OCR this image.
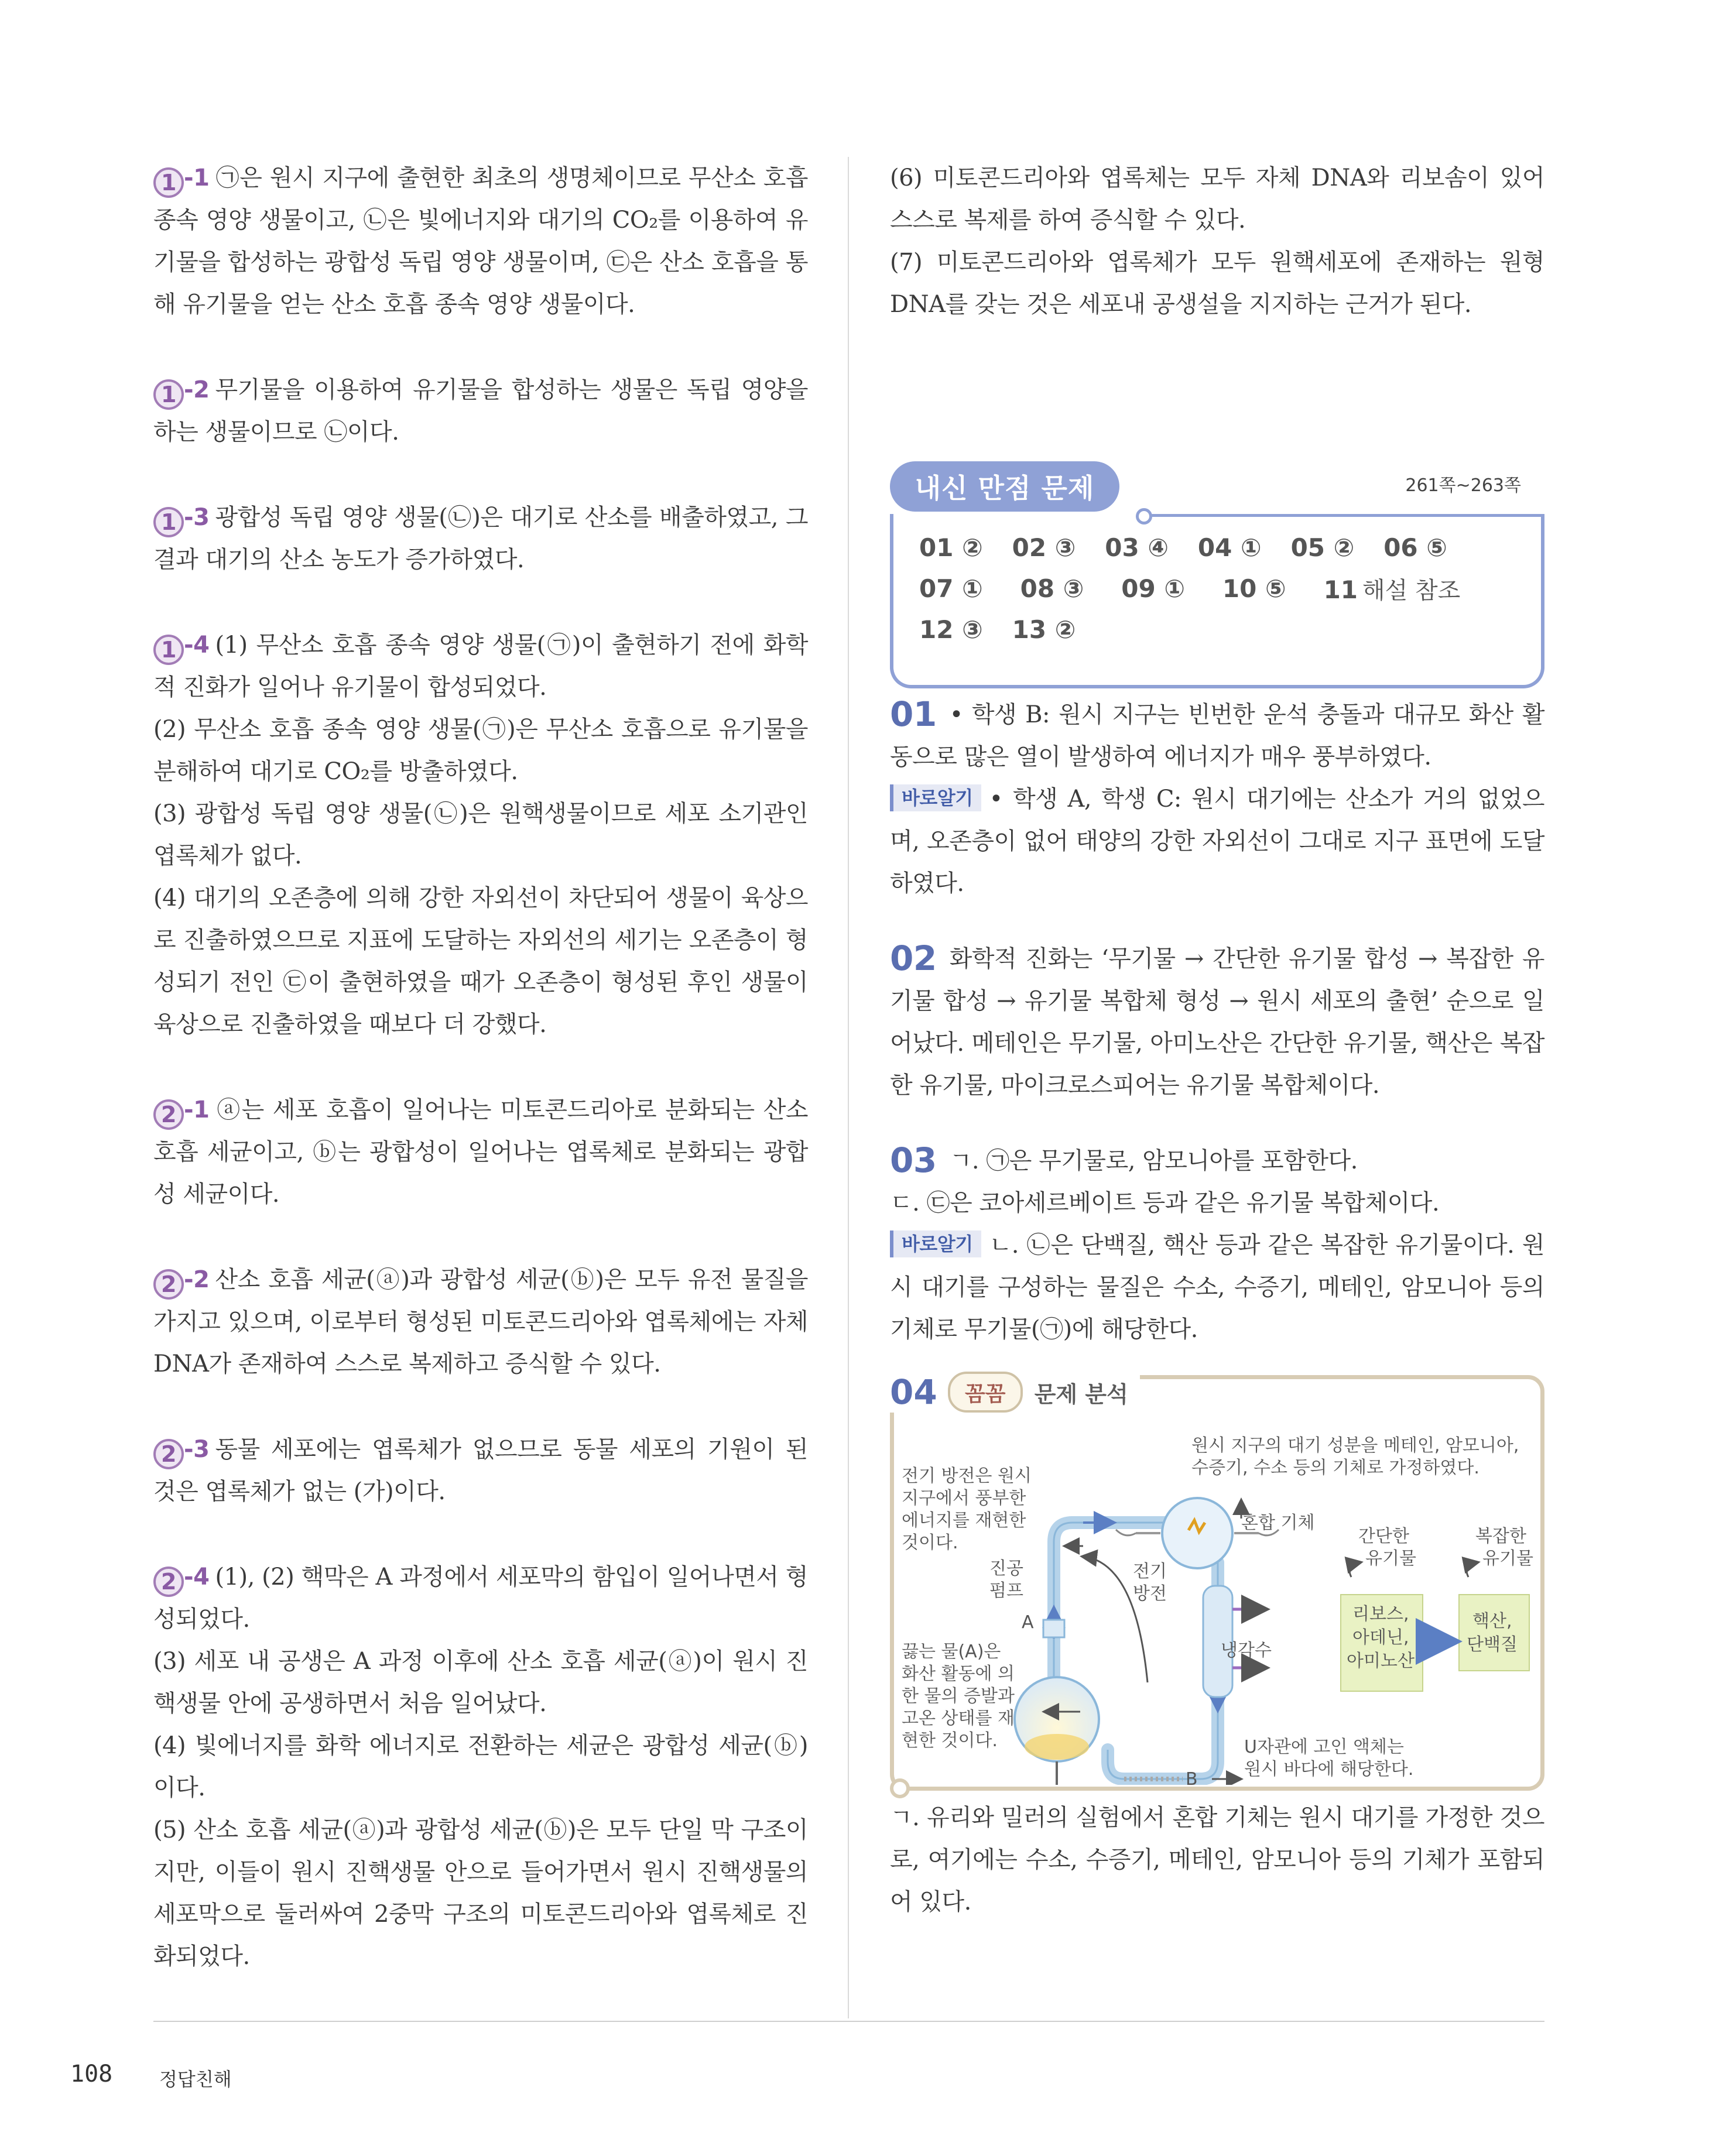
1 -1 ㉠은 원시 지구에 출현한 최초의 생명체이므로 무산소 호흡 종속 영양 생물이고, ㉡은 빛에너지와 대기의 CO₂를 이용하여 유기물을 합성하는 광합성 독립 영양 생물이며, ㉢은 산소 호흡을 통해 유기물을 얻는 산소 호흡 종속 영양 생물이다.

1 -2 무기물을 이용하여 유기물을 합성하는 생물은 독립 영양을 하는 생물이므로 ㉡이다.

1 -3 광합성 독립 영양 생물(㉡)은 대기로 산소를 배출하였고, 그 결과 대기의 산소 농도가 증가하였다.

1 -4 (1) 무산소 호흡 종속 영양 생물(㉠)이 출현하기 전에 화학적 진화가 일어나 유기물이 합성되었다.

(2) 무산소 호흡 종속 영양 생물(㉠)은 무산소 호흡으로 유기물을 분해하여 대기로 CO₂를 방출하였다.

(3) 광합성 독립 영양 생물(㉡)은 원핵생물이므로 세포 소기관인 엽록체가 없다.

(4) 대기의 오존층에 의해 강한 자외선이 차단되어 생물이 육상으로 진출하였으므로 지표에 도달하는 자외선의 세기는 오존층이 형성되기 전인 ㉢이 출현하였을 때가 오존층이 형성된 후인 생물이 육상으로 진출하였을 때보다 더 강했다.

2 -1 ⓐ는 세포 호흡이 일어나는 미토콘드리아로 분화되는 산소 호흡 세균이고, ⓑ는 광합성이 일어나는 엽록체로 분화되는 광합성 세균이다.

2 -2 산소 호흡 세균(ⓐ)과 광합성 세균(ⓑ)은 모두 유전 물질을 가지고 있으며, 이로부터 형성된 미토콘드리아와 엽록체에는 자체 DNA가 존재하여 스스로 복제하고 증식할 수 있다.

2 -3 동물 세포에는 엽록체가 없으므로 동물 세포의 기원이 된 것은 엽록체가 없는 (가)이다.

2 -4 (1), (2) 핵막은 A 과정에서 세포막의 함입이 일어나면서 형성되었다.

(3) 세포 내 공생은 A 과정 이후에 산소 호흡 세균(ⓐ)이 원시 진핵생물 안에 공생하면서 처음 일어났다.

(4) 빛에너지를 화학 에너지로 전환하는 세균은 광합성 세균(ⓑ)이다.

(5) 산소 호흡 세균(ⓐ)과 광합성 세균(ⓑ)은 모두 단일 막 구조이지만, 이들이 원시 진핵생물 안으로 들어가면서 원시 진핵생물의 세포막으로 둘러싸여 2중막 구조의 미토콘드리아와 엽록체로 진화되었다.

(6) 미토콘드리아와 엽록체는 모두 자체 DNA와 리보솜이 있어 스스로 복제를 하여 증식할 수 있다.

(7) 미토콘드리아와 엽록체가 모두 원핵세포에 존재하는 원형 DNA를 갖는 것은 세포내 공생설을 지지하는 근거가 된다.

내신 만점 문제	261쪽~263쪽
01 ② 02 ③ 03 ④ 04 ① 05 ② 06 ⑤
07 ① 08 ③ 09 ① 10 ⑤ 11 해설 참조
12 ③ 13 ②

01 • 학생 B: 원시 지구는 빈번한 운석 충돌과 대규모 화산 활동으로 많은 열이 발생하여 에너지가 매우 풍부하였다.

바로알기 • 학생 A, 학생 C: 원시 대기에는 산소가 거의 없었으며, 오존층이 없어 태양의 강한 자외선이 그대로 지구 표면에 도달하였다.

02 화학적 진화는 ‘무기물 → 간단한 유기물 합성 → 복잡한 유기물 합성 → 유기물 복합체 형성 → 원시 세포의 출현’ 순으로 일어났다. 메테인은 무기물, 아미노산은 간단한 유기물, 핵산은 복잡한 유기물, 마이크로스피어는 유기물 복합체이다.

03 ㄱ. ㉠은 무기물로, 암모니아를 포함한다.

ㄷ. ㉢은 코아세르베이트 등과 같은 유기물 복합체이다.

바로알기 ㄴ. ㉡은 단백질, 핵산 등과 같은 복잡한 유기물이다. 원시 대기를 구성하는 물질은 수소, 수증기, 메테인, 암모니아 등의 기체로 무기물(㉠)에 해당한다.

04	꼼꼼	문제 분석
원시 지구의 대기 성분을 메테인, 암모니아,
수증기, 수소 등의 기체로 가정하였다.
전기 방전은 원시
지구에서 풍부한
에너지를 재현한
것이다.
진공
펌프
전기
방전
혼합 기체
냉각수
A
B
끓는 물(A)은
화산 활동에 의
한 물의 증발과
고온 상태를 재
현한 것이다.	U자관에 고인 액체는
원시 바다에 해당한다.
간단한
유기물
복잡한
유기물
리보스,
아데닌,
아미노산
핵산,
단백질

ㄱ. 유리와 밀러의 실험에서 혼합 기체는 원시 대기를 가정한 것으로, 여기에는 수소, 수증기, 메테인, 암모니아 등의 기체가 포함되어 있다.

108 정답친해
